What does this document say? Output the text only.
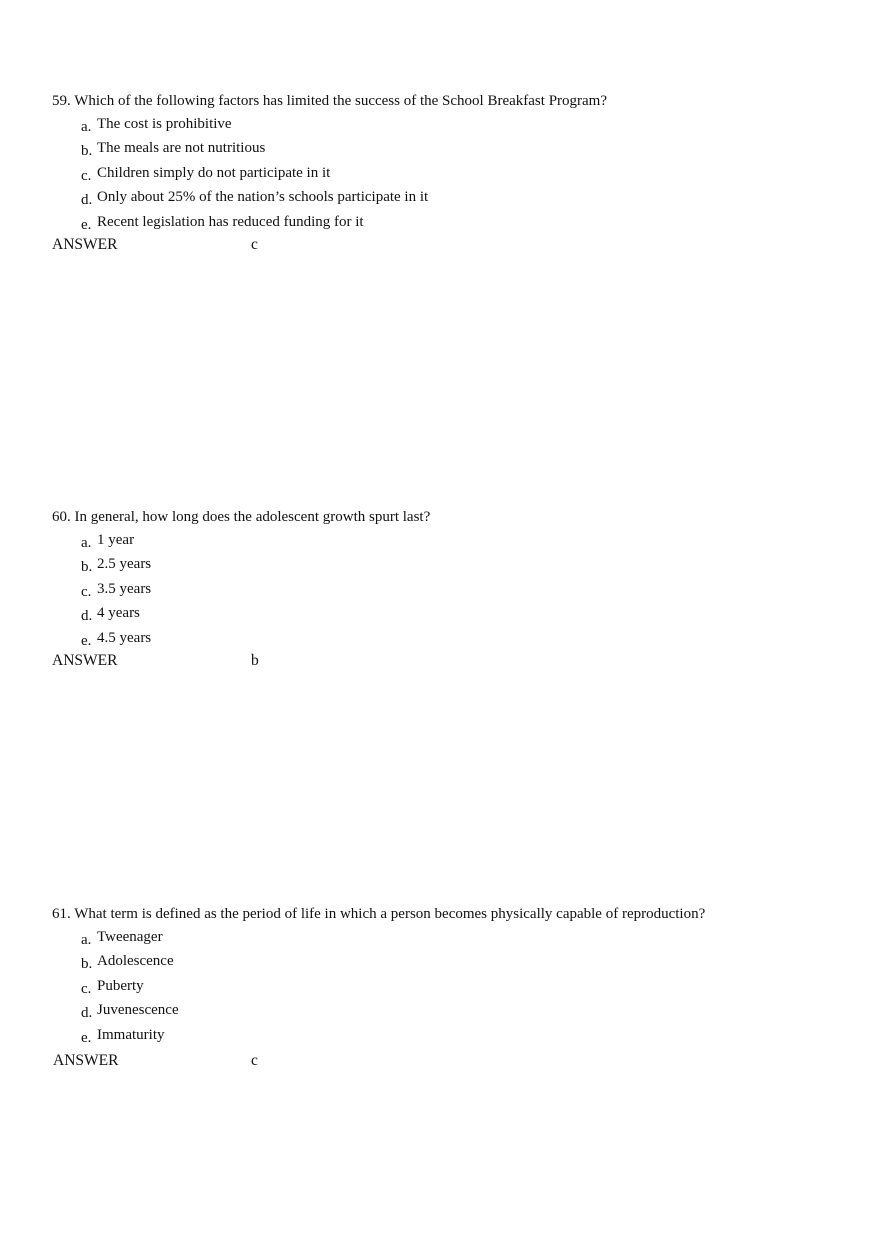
59. Which of the following factors has limited the success of the School Breakfast Program?

a. The cost is prohibitive
b. The meals are not nutritious
c. Children simply do not participate in it
d. Only about 25% of the nation’s schools participate in it
e. Recent legislation has reduced funding for it
ANSWER	c

60. In general, how long does the adolescent growth spurt last?

a. 1 year
b. 2.5 years
c. 3.5 years
d. 4 years
e. 4.5 years
ANSWER	b

61. What term is defined as the period of life in which a person becomes physically capable of reproduction?

a. Tweenager
b. Adolescence
c. Puberty
d. Juvenescence
e. Immaturity
ANSWER	c
